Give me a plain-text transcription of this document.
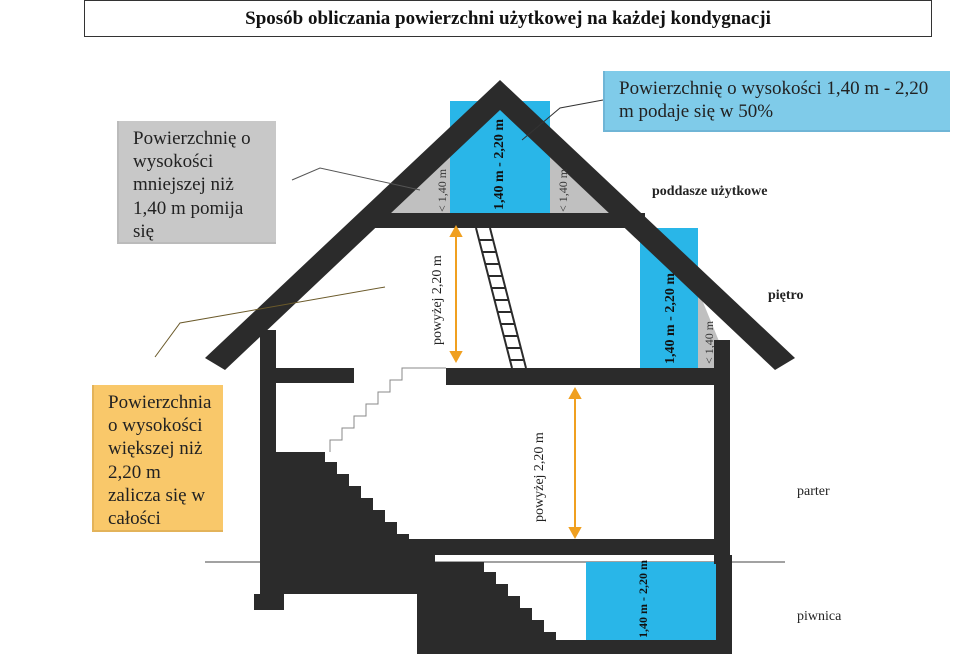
Sposób obliczania powierzchni użytkowej na każdej kondygnacji
1,40 m - 2,20 m
< 1,40 m	< 1,40 m
1,40 m - 2,20 m < 1,40 m
1,40 m - 2,20 m
powyżej 2,20 m
powyżej 2,20 m
Powierzchnię o wysokości 1,40 m - 2,20 m podaje się w 50%
Powierzchnię o wysokości mniejszej niż 1,40 m pomija się
Powierzchnia o wysokości większej niż 2,20 m zalicza się w całości
poddasze użytkowe
piętro
parter
piwnica
